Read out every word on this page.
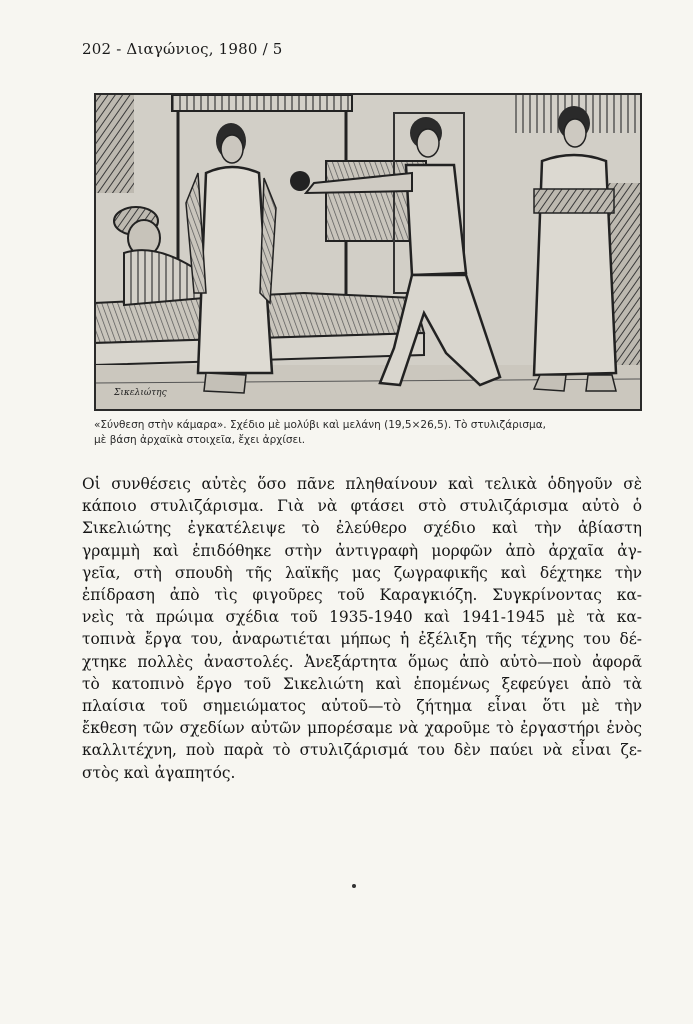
202 - Διαγώνιος, 1980 / 5
Σικελιώτης
«Σύνθεση στὴν κάμαρα». Σχέδιο μὲ μολύβι καὶ μελάνη (19,5×26,5). Τὸ στυλιζάρισμα,
μὲ βάση ἀρχαϊκὰ στοιχεῖα, ἔχει ἀρχίσει.
Οἱ συνθέσεις αὐτὲς ὅσο πᾶνε πληθαίνουν καὶ τελικὰ ὁδηγοῦν σὲ
κάποιο στυλιζάρισμα. Γιὰ νὰ φτάσει στὸ στυλιζάρισμα αὐτὸ ὁ
Σικελιώτης ἐγκατέλειψε τὸ ἐλεύθερο σχέδιο καὶ τὴν ἀβίαστη
γραμμὴ καὶ ἐπιδόθηκε στὴν ἀντιγραφὴ μορφῶν ἀπὸ ἀρχαῖα ἀγ-
γεῖα, στὴ σπουδὴ τῆς λαϊκῆς μας ζωγραφικῆς καὶ δέχτηκε τὴν
ἐπίδραση ἀπὸ τὶς φιγοῦρες τοῦ Καραγκιόζη. Συγκρίνοντας κα-
νεὶς τὰ πρώιμα σχέδια τοῦ 1935-1940 καὶ 1941-1945 μὲ τὰ κα-
τοπινὰ ἔργα του, ἀναρωτιέται μήπως ἡ ἐξέλιξη τῆς τέχνης του δέ-
χτηκε πολλὲς ἀναστολές. Ἀνεξάρτητα ὅμως ἀπὸ αὐτὸ—ποὺ ἀφορᾶ
τὸ κατοπινὸ ἔργο τοῦ Σικελιώτη καὶ ἑπομένως ξεφεύγει ἀπὸ τὰ
πλαίσια τοῦ σημειώματος αὐτοῦ—τὸ ζήτημα εἶναι ὅτι μὲ τὴν
ἔκθεση τῶν σχεδίων αὐτῶν μπορέσαμε νὰ χαροῦμε τὸ ἐργαστήρι ἑνὸς
καλλιτέχνη, ποὺ παρὰ τὸ στυλιζάρισμά του δὲν παύει νὰ εἶναι ζε-
στὸς καὶ ἀγαπητός.
